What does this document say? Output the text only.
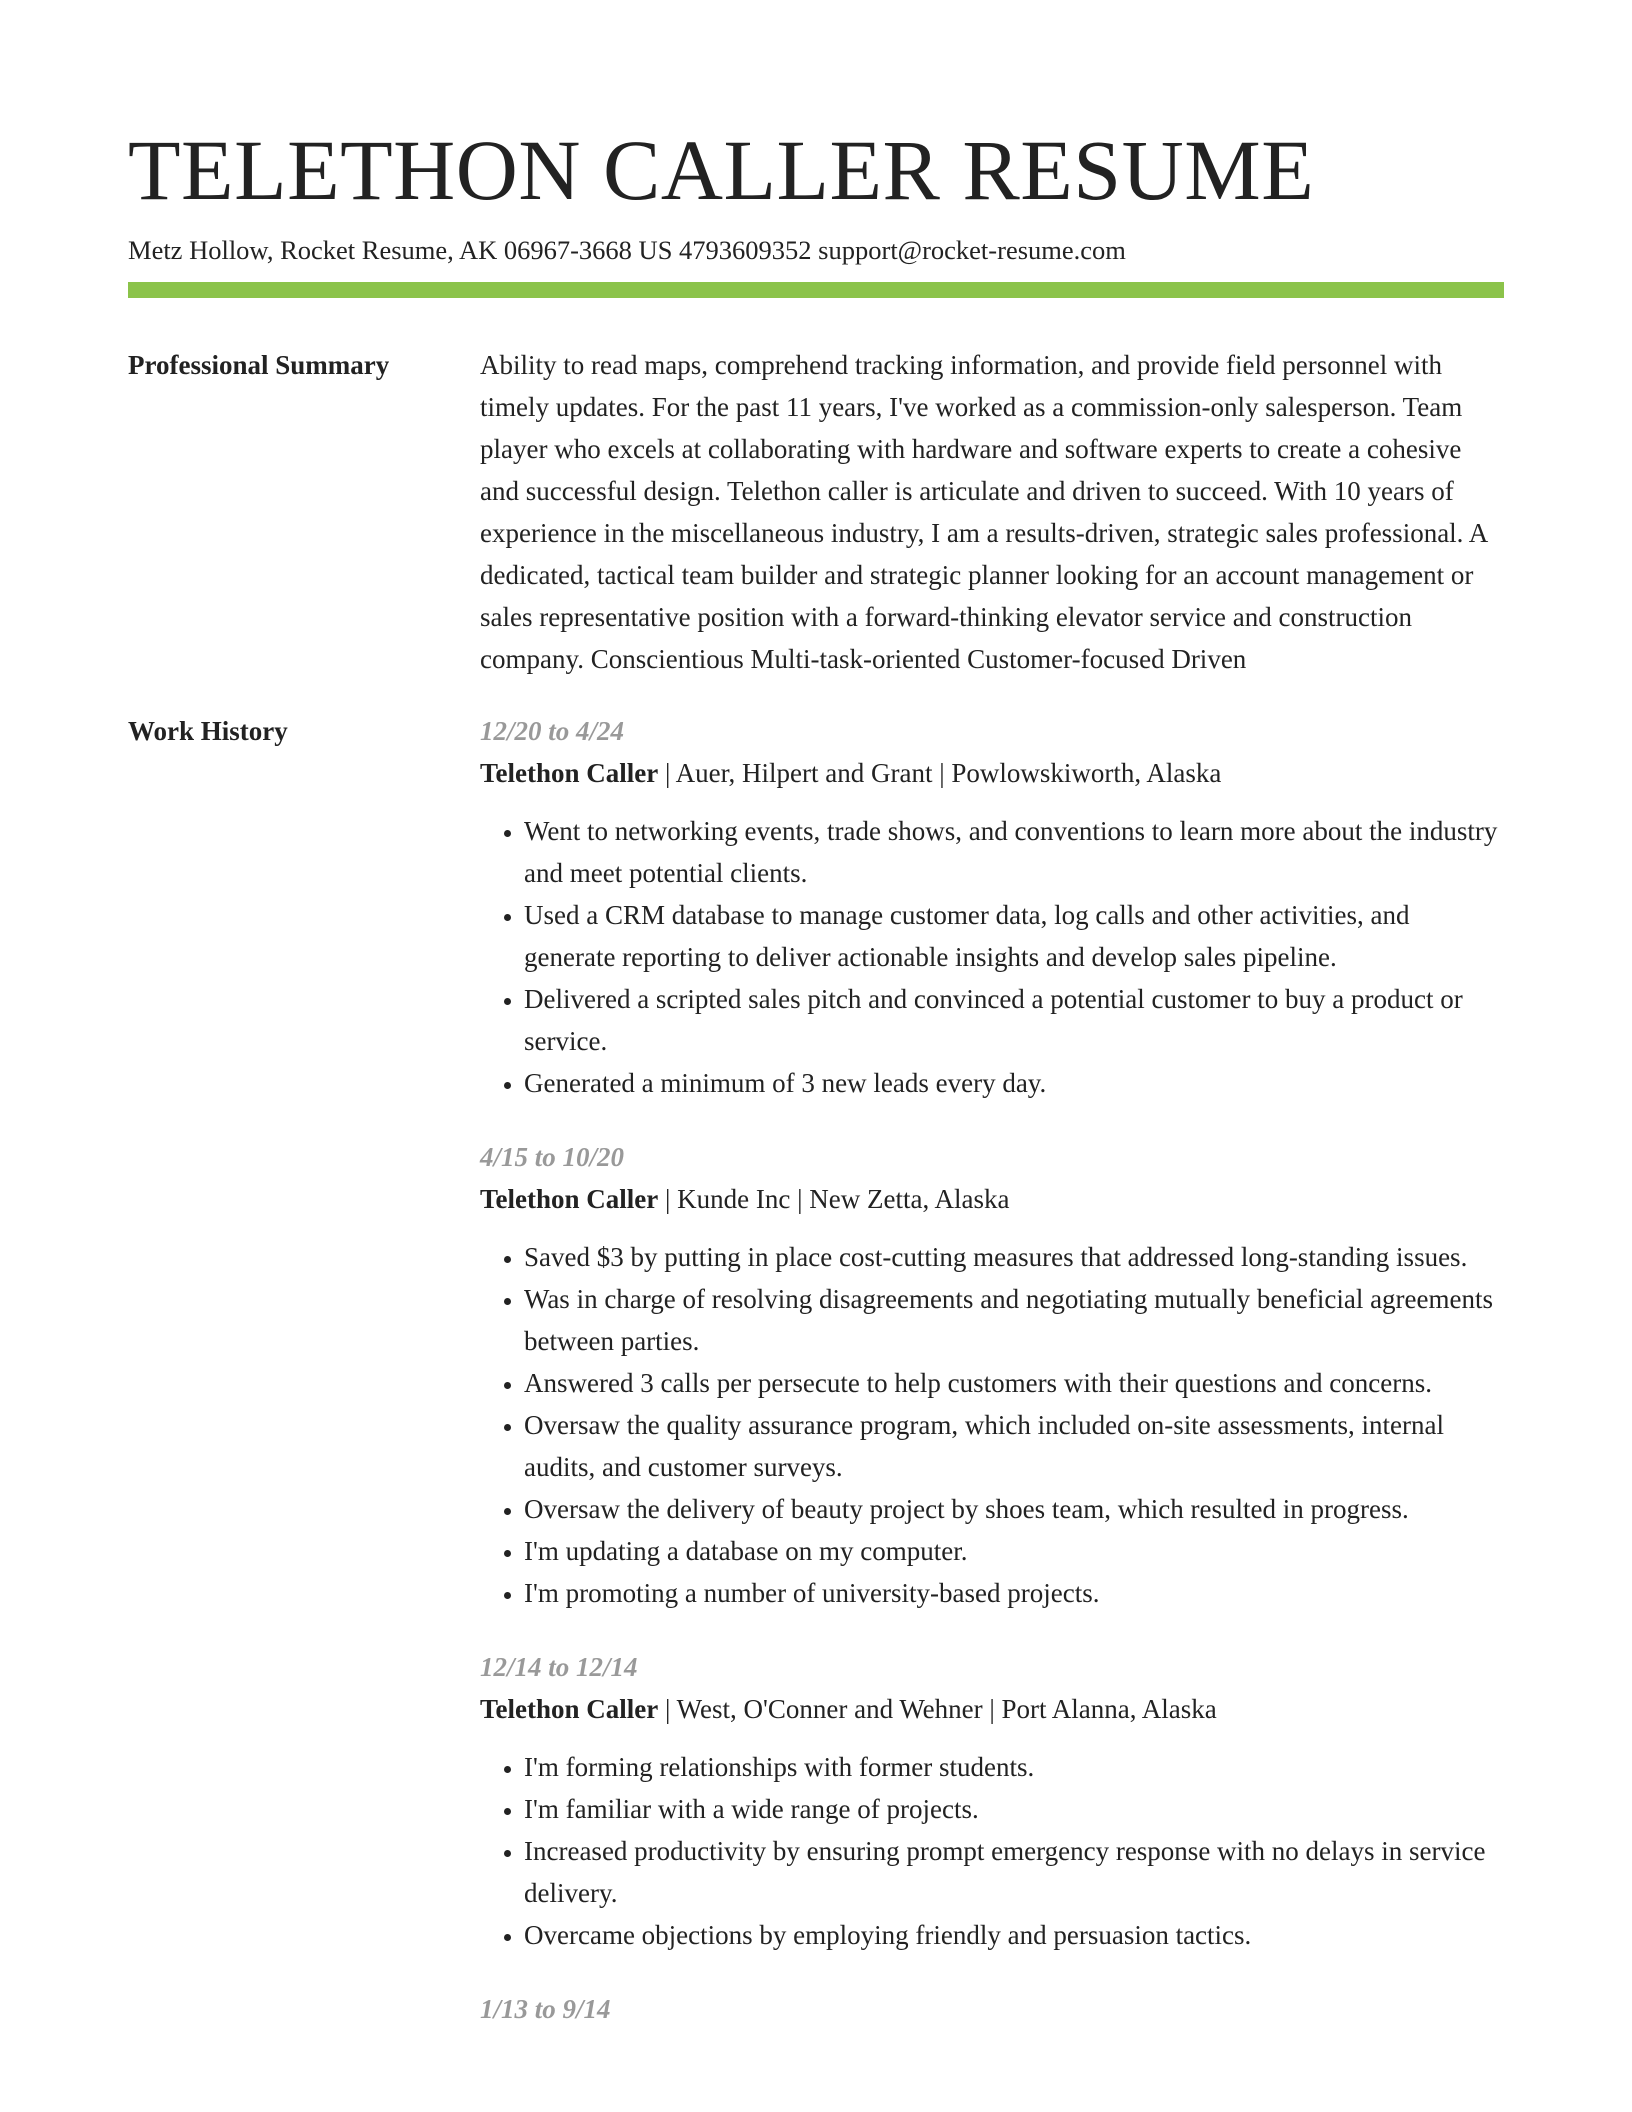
TELETHON CALLER RESUME
Metz Hollow, Rocket Resume, AK 06967-3668 US 4793609352 support@rocket-resume.com
Professional Summary	Ability to read maps, comprehend tracking information, and provide field personnel with timely updates. For the past 11 years, I've worked as a commission-only salesperson. Team player who excels at collaborating with hardware and software experts to create a cohesive and successful design. Telethon caller is articulate and driven to succeed. With 10 years of experience in the miscellaneous industry, I am a results-driven, strategic sales professional. A dedicated, tactical team builder and strategic planner looking for an account management or sales representative position with a forward-thinking elevator service and construction company. Conscientious Multi-task-oriented Customer-focused Driven
Work History	12/20 to 4/24
Telethon Caller | Auer, Hilpert and Grant | Powlowskiworth, Alaska
• Went to networking events, trade shows, and conventions to learn more about the industry and meet potential clients.
• Used a CRM database to manage customer data, log calls and other activities, and generate reporting to deliver actionable insights and develop sales pipeline.
• Delivered a scripted sales pitch and convinced a potential customer to buy a product or service.
• Generated a minimum of 3 new leads every day.
4/15 to 10/20
Telethon Caller | Kunde Inc | New Zetta, Alaska
• Saved $3 by putting in place cost-cutting measures that addressed long-standing issues.
• Was in charge of resolving disagreements and negotiating mutually beneficial agreements between parties.
• Answered 3 calls per persecute to help customers with their questions and concerns.
• Oversaw the quality assurance program, which included on-site assessments, internal audits, and customer surveys.
• Oversaw the delivery of beauty project by shoes team, which resulted in progress.
• I'm updating a database on my computer.
• I'm promoting a number of university-based projects.
12/14 to 12/14
Telethon Caller | West, O'Conner and Wehner | Port Alanna, Alaska
• I'm forming relationships with former students.
• I'm familiar with a wide range of projects.
• Increased productivity by ensuring prompt emergency response with no delays in service delivery.
• Overcame objections by employing friendly and persuasion tactics.
1/13 to 9/14
